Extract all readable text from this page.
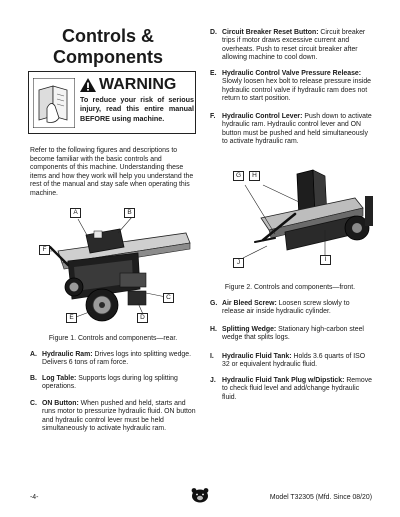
Controls &
Components
WARNING
To reduce your risk of serious injury, read this entire manual BEFORE using machine.
Refer to the following figures and descriptions to become familiar with the basic controls and components of this machine. Understanding these items and how they work will help you understand the rest of the manual and stay safe when operating this machine.
A	B
F
C
E	D
Figure 1. Controls and components—rear.
A. Hydraulic Ram: Drives logs into splitting wedge. Delivers 6 tons of ram force.
B. Log Table: Supports logs during log splitting operations.
C. ON Button: When pushed and held, starts and runs motor to pressurize hydraulic fluid. ON button and hydraulic control lever must be held simultaneously to activate hydraulic ram.
D. Circuit Breaker Reset Button: Circuit breaker trips if motor draws excessive current and overheats. Push to reset circuit breaker after allowing machine to cool down.
E. Hydraulic Control Valve Pressure Release: Slowly loosen hex bolt to release pressure inside hydraulic control valve if hydraulic ram does not return to start position.
F. Hydraulic Control Lever: Push down to activate hydraulic ram. Hydraulic control lever and ON button must be pushed and held simultaneously to activate hydraulic ram.
G	H
J	I
Figure 2. Controls and components—front.
G. Air Bleed Screw: Loosen screw slowly to release air inside hydraulic cylinder.
H. Splitting Wedge: Stationary high-carbon steel wedge that splits logs.
I. Hydraulic Fluid Tank: Holds 3.6 quarts of ISO 32 or equivalent hydraulic fluid.
J. Hydraulic Fluid Tank Plug w/Dipstick: Remove to check fluid level and add/change hydraulic fluid.
-4-	Model T32305 (Mfd. Since 08/20)
